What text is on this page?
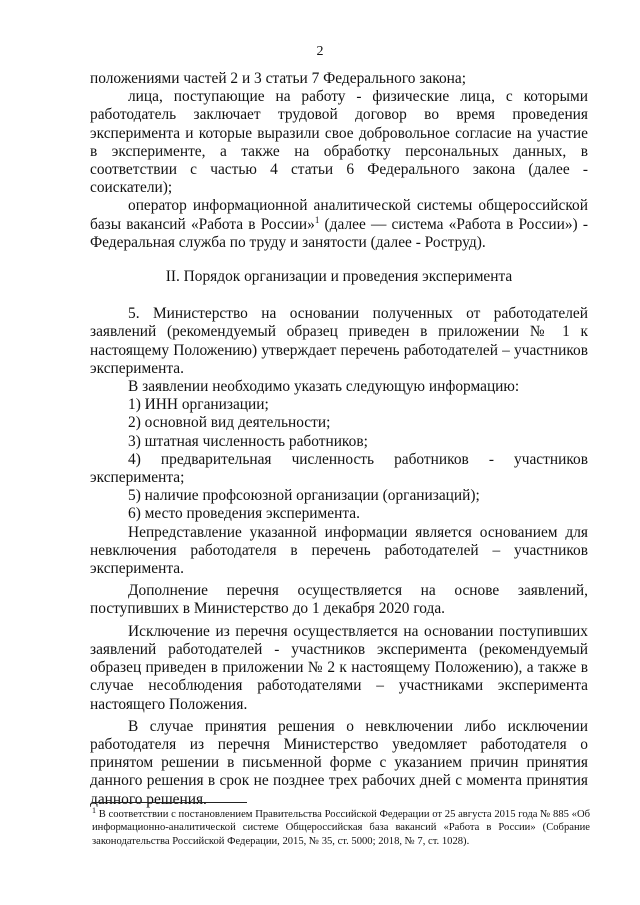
2

положениями частей 2 и 3 статьи 7 Федерального закона;

лица, поступающие на работу - физические лица, с которыми работодатель заключает трудовой договор во время проведения эксперимента и которые выразили свое добровольное согласие на участие в эксперименте, а также на обработку персональных данных, в соответствии с частью 4 статьи 6 Федерального закона (далее - соискатели);

оператор информационной аналитической системы общероссийской базы вакансий «Работа в России»$^1$ (далее — система «Работа в России») - Федеральная служба по труду и занятости (далее - Роструд).

II. Порядок организации и проведения эксперимента

5. Министерство на основании полученных от работодателей заявлений (рекомендуемый образец приведен в приложении № 1 к настоящему Положению) утверждает перечень работодателей – участников эксперимента.

В заявлении необходимо указать следующую информацию:

1) ИНН организации;

2) основной вид деятельности;

3) штатная численность работников;

4) предварительная численность работников - участников эксперимента;

5) наличие профсоюзной организации (организаций);

6) место проведения эксперимента.

Непредставление указанной информации является основанием для невключения работодателя в перечень работодателей – участников эксперимента.

Дополнение перечня осуществляется на основе заявлений, поступивших в Министерство до 1 декабря 2020 года.

Исключение из перечня осуществляется на основании поступивших заявлений работодателей - участников эксперимента (рекомендуемый образец приведен в приложении № 2 к настоящему Положению), а также в случае несоблюдения работодателями – участниками эксперимента настоящего Положения.

В случае принятия решения о невключении либо исключении работодателя из перечня Министерство уведомляет работодателя о принятом решении в письменной форме с указанием причин принятия данного решения в срок не позднее трех рабочих дней с момента принятия данного решения.

$^1$ В соответствии с постановлением Правительства Российской Федерации от 25 августа 2015 года № 885 «Об информационно-аналитической системе Общероссийская база вакансий «Работа в России» (Собрание законодательства Российской Федерации, 2015, № 35, ст. 5000; 2018, № 7, ст. 1028).
